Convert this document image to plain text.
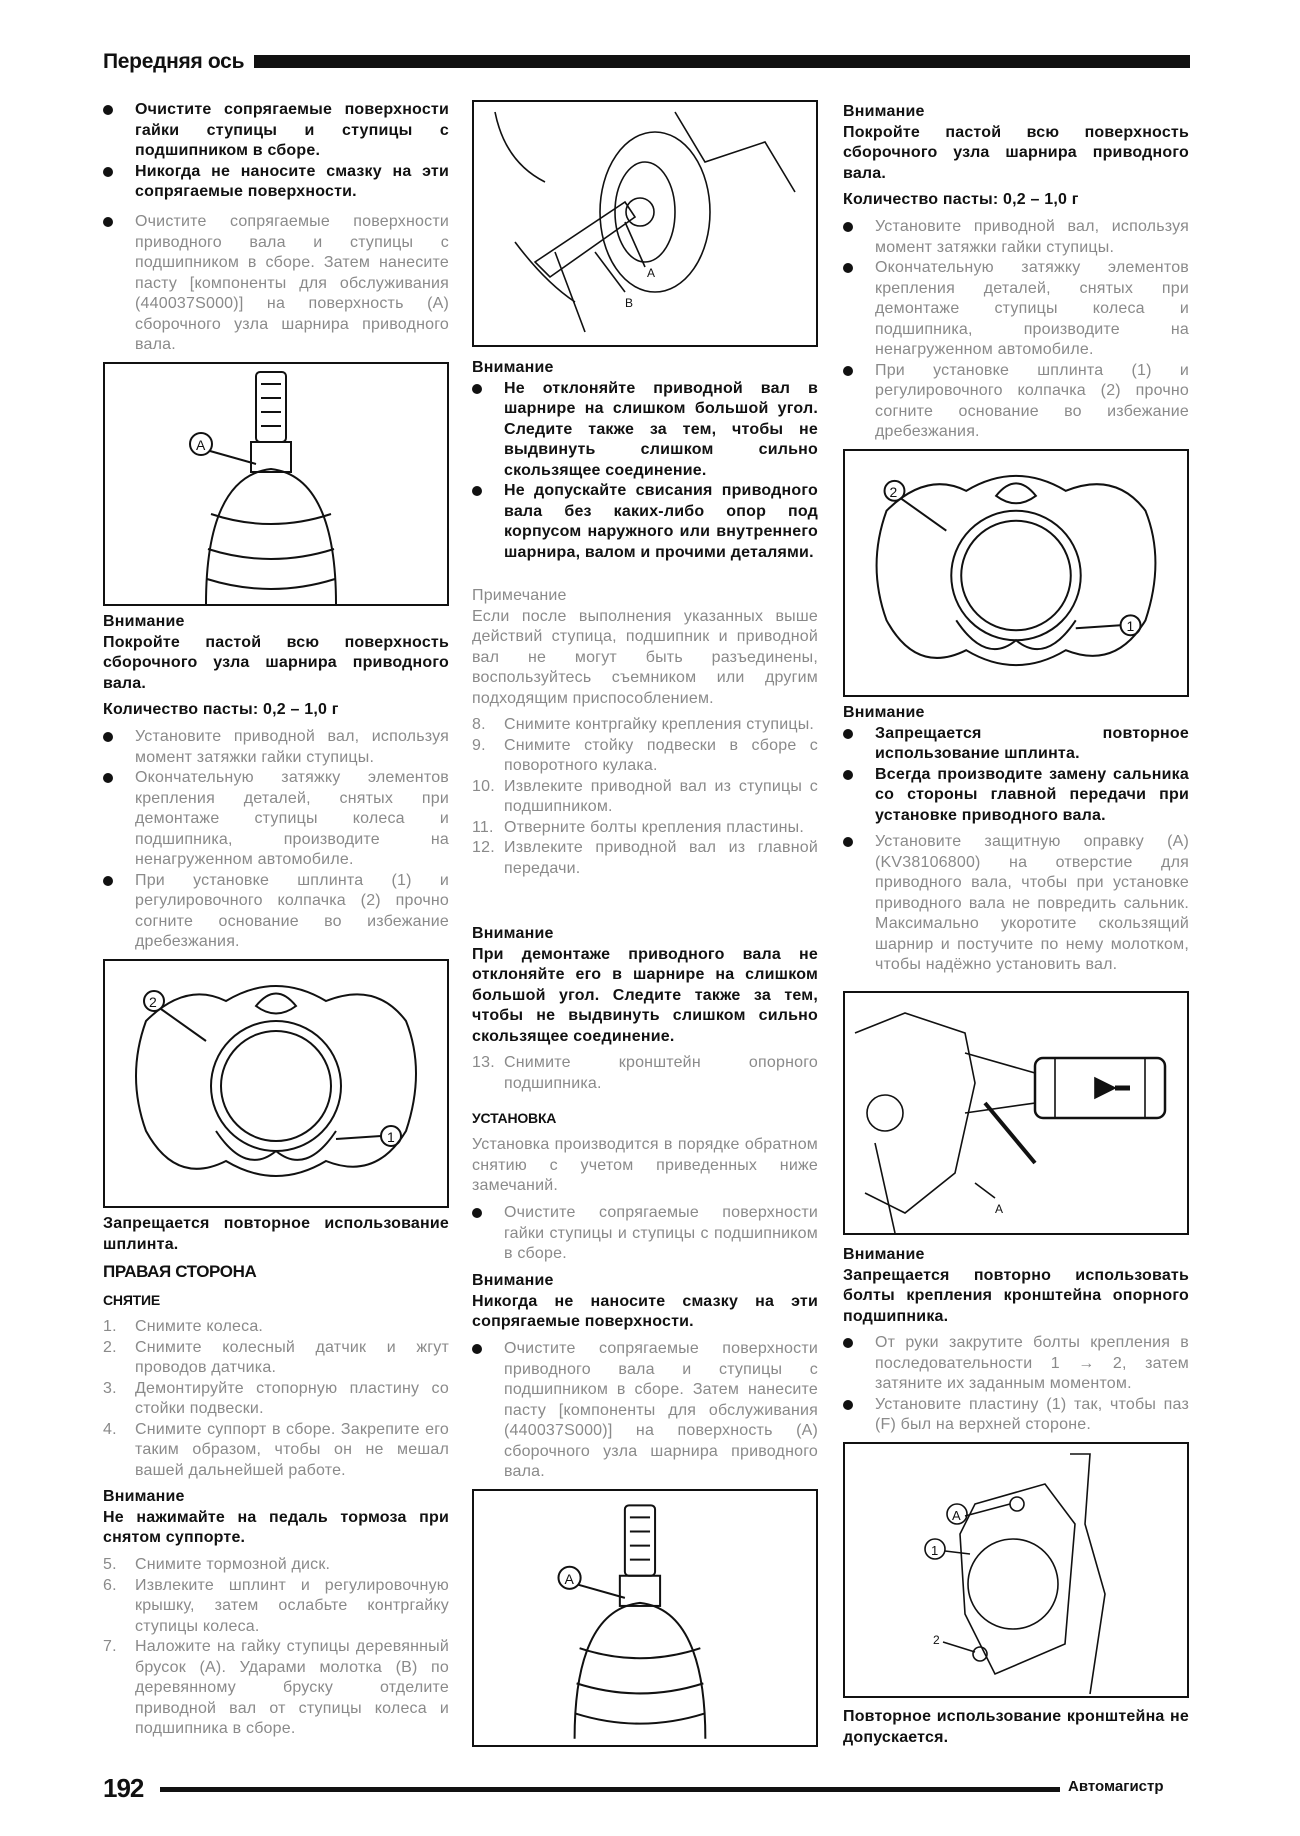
Передняя ось
Очистите сопрягаемые поверхности гайки ступицы и ступицы с подшипником в сборе.
Никогда не наносите смазку на эти сопрягаемые поверхности.
Очистите сопрягаемые поверхности приводного вала и ступицы с подшипником в сборе. Затем нанесите пасту [компоненты для обслуживания (440037S000)] на поверхность (A) сборочного узла шарнира приводного вала.
A
Внимание
Покройте пастой всю поверхность сборочного узла шарнира приводного вала.
Количество пасты: 0,2 – 1,0 г
Установите приводной вал, используя момент затяжки гайки ступицы.
Окончательную затяжку элементов крепления деталей, снятых при демонтаже ступицы колеса и подшипника, производите на ненагруженном автомобиле.
При установке шплинта (1) и регулировочного колпачка (2) прочно согните основание во избежание дребезжания.
2
1
Запрещается повторное использование шплинта.
ПРАВАЯ СТОРОНА
СНЯТИЕ
1. Снимите колеса.
2. Снимите колесный датчик и жгут проводов датчика.
3. Демонтируйте стопорную пластину со стойки подвески.
4. Снимите суппорт в сборе. Закрепите его таким образом, чтобы он не мешал вашей дальнейшей работе.
Внимание
Не нажимайте на педаль тормоза при снятом суппорте.
5. Снимите тормозной диск.
6. Извлеките шплинт и регулировочную крышку, затем ослабьте контргайку ступицы колеса.
7. Наложите на гайку ступицы деревянный брусок (A). Ударами молотка (B) по деревянному бруску отделите приводной вал от ступицы колеса и подшипника в сборе.
A
B
Внимание
Не отклоняйте приводной вал в шарнире на слишком большой угол. Следите также за тем, чтобы не выдвинуть слишком сильно скользящее соединение.
Не допускайте свисания приводного вала без каких-либо опор под корпусом наружного или внутреннего шарнира, валом и прочими деталями.
Примечание
Если после выполнения указанных выше действий ступица, подшипник и приводной вал не могут быть разъединены, воспользуйтесь съемником или другим подходящим приспособлением.
8. Снимите контргайку крепления ступицы.
9. Снимите стойку подвески в сборе с поворотного кулака.
10. Извлеките приводной вал из ступицы с подшипником.
11. Отверните болты крепления пластины.
12. Извлеките приводной вал из главной передачи.
Внимание
При демонтаже приводного вала не отклоняйте его в шарнире на слишком большой угол. Следите также за тем, чтобы не выдвинуть слишком сильно скользящее соединение.
13. Снимите кронштейн опорного подшипника.
УСТАНОВКА
Установка производится в порядке обратном снятию с учетом приведенных ниже замечаний.
Очистите сопрягаемые поверхности гайки ступицы и ступицы с подшипником в сборе.
Внимание
Никогда не наносите смазку на эти сопрягаемые поверхности.
Очистите сопрягаемые поверхности приводного вала и ступицы с подшипником в сборе. Затем нанесите пасту [компоненты для обслуживания (440037S000)] на поверхность (A) сборочного узла шарнира приводного вала.
A
Внимание
Покройте пастой всю поверхность сборочного узла шарнира приводного вала.
Количество пасты: 0,2 – 1,0 г
Установите приводной вал, используя момент затяжки гайки ступицы.
Окончательную затяжку элементов крепления деталей, снятых при демонтаже ступицы колеса и подшипника, производите на ненагруженном автомобиле.
При установке шплинта (1) и регулировочного колпачка (2) прочно согните основание во избежание дребезжания.
2
1
Внимание
Запрещается повторное использование шплинта.
Всегда производите замену сальника со стороны главной передачи при установке приводного вала.
Установите защитную оправку (A) (KV38106800) на отверстие для приводного вала, чтобы при установке приводного вала не повредить сальник. Максимально укоротите скользящий шарнир и постучите по нему молотком, чтобы надёжно установить вал.
A
Внимание
Запрещается повторно использовать болты крепления кронштейна опорного подшипника.
От руки закрутите болты крепления в последовательности 1 → 2, затем затяните их заданным моментом.
Установите пластину (1) так, чтобы паз (F) был на верхней стороне.
A
1
2
Повторное использование кронштейна не допускается.
192	Автомагистр
